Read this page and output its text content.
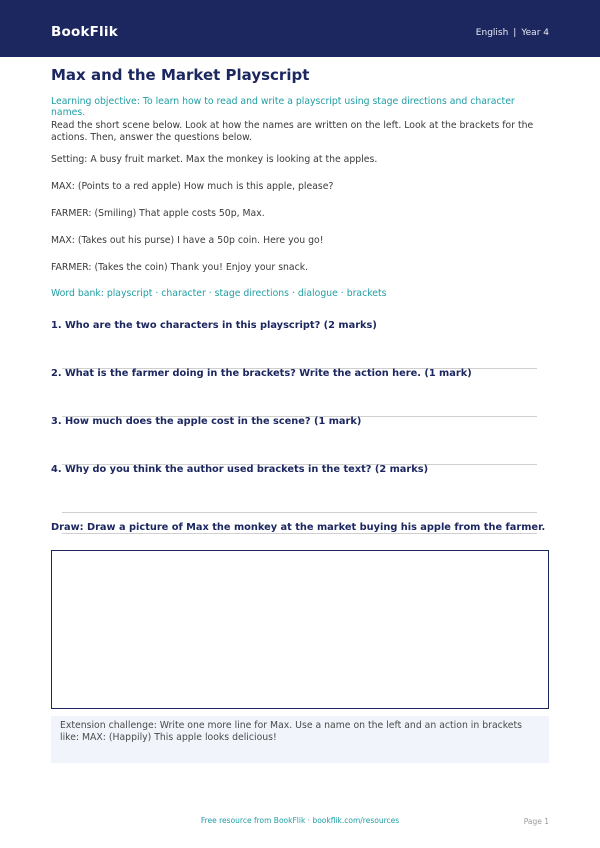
BookFlik	English | Year 4
Max and the Market Playscript
Learning objective: To learn how to read and write a playscript using stage directions and character names.
Read the short scene below. Look at how the names are written on the left. Look at the brackets for the actions. Then, answer the questions below.
Setting: A busy fruit market. Max the monkey is looking at the apples.
MAX: (Points to a red apple) How much is this apple, please?
FARMER: (Smiling) That apple costs 50p, Max.
MAX: (Takes out his purse) I have a 50p coin. Here you go!
FARMER: (Takes the coin) Thank you! Enjoy your snack.
Word bank: playscript · character · stage directions · dialogue · brackets
1. Who are the two characters in this playscript? (2 marks)
2. What is the farmer doing in the brackets? Write the action here. (1 mark)
3. How much does the apple cost in the scene? (1 mark)
4. Why do you think the author used brackets in the text? (2 marks)
Draw: Draw a picture of Max the monkey at the market buying his apple from the farmer.
Extension challenge: Write one more line for Max. Use a name on the left and an action in brackets like: MAX: (Happily) This apple looks delicious!
Free resource from BookFlik · bookflik.com/resources	Page 1
